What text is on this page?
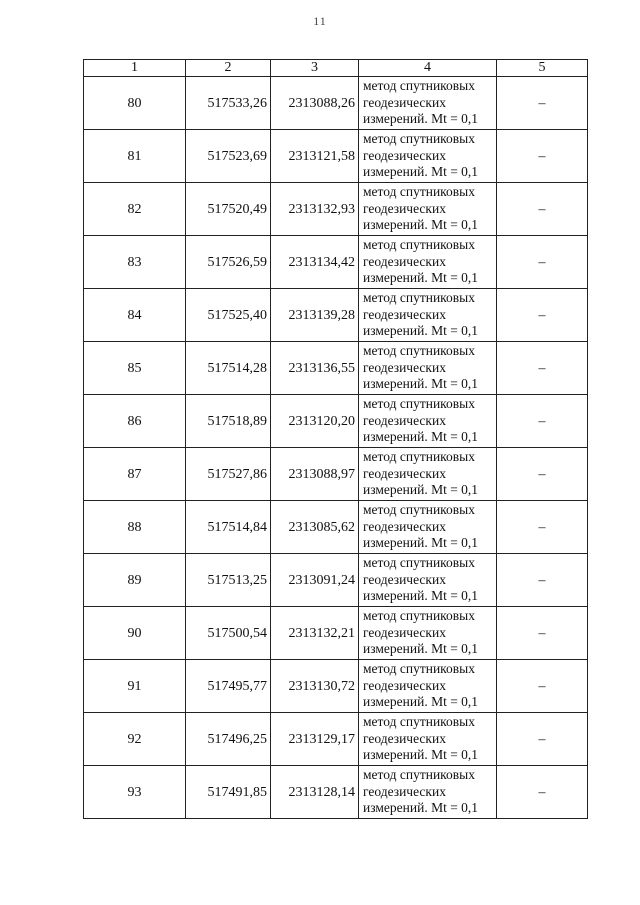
11
1	2	3	4	5
80	517533,26	2313088,26	метод спутниковых
геодезических
измерений. Mt = 0,1	–
81	517523,69	2313121,58	метод спутниковых
геодезических
измерений. Mt = 0,1	–
82	517520,49	2313132,93	метод спутниковых
геодезических
измерений. Mt = 0,1	–
83	517526,59	2313134,42	метод спутниковых
геодезических
измерений. Mt = 0,1	–
84	517525,40	2313139,28	метод спутниковых
геодезических
измерений. Mt = 0,1	–
85	517514,28	2313136,55	метод спутниковых
геодезических
измерений. Mt = 0,1	–
86	517518,89	2313120,20	метод спутниковых
геодезических
измерений. Mt = 0,1	–
87	517527,86	2313088,97	метод спутниковых
геодезических
измерений. Mt = 0,1	–
88	517514,84	2313085,62	метод спутниковых
геодезических
измерений. Mt = 0,1	–
89	517513,25	2313091,24	метод спутниковых
геодезических
измерений. Mt = 0,1	–
90	517500,54	2313132,21	метод спутниковых
геодезических
измерений. Mt = 0,1	–
91	517495,77	2313130,72	метод спутниковых
геодезических
измерений. Mt = 0,1	–
92	517496,25	2313129,17	метод спутниковых
геодезических
измерений. Mt = 0,1	–
93	517491,85	2313128,14	метод спутниковых
геодезических
измерений. Mt = 0,1	–
